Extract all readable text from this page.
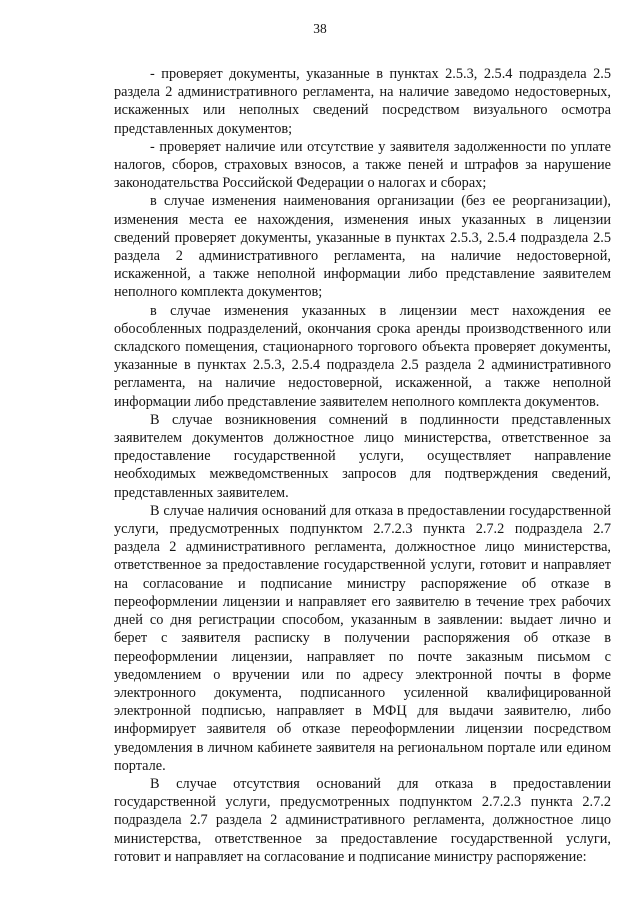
38

- проверяет документы, указанные в пунктах 2.5.3, 2.5.4 подраздела 2.5 раздела 2 административного регламента, на наличие заведомо недостоверных, искаженных или неполных сведений посредством визуального осмотра представленных документов;

- проверяет наличие или отсутствие у заявителя задолженности по уплате налогов, сборов, страховых взносов, а также пеней и штрафов за нарушение законодательства Российской Федерации о налогах и сборах;

в случае изменения наименования организации (без ее реорганизации), изменения места ее нахождения, изменения иных указанных в лицензии сведений проверяет документы, указанные в пунктах 2.5.3, 2.5.4 подраздела 2.5 раздела 2 административного регламента, на наличие недостоверной, искаженной, а также неполной информации либо представление заявителем неполного комплекта документов;

в случае изменения указанных в лицензии мест нахождения ее обособленных подразделений, окончания срока аренды производственного или складского помещения, стационарного торгового объекта проверяет документы, указанные в пунктах 2.5.3, 2.5.4 подраздела 2.5 раздела 2 административного регламента, на наличие недостоверной, искаженной, а также неполной информации либо представление заявителем неполного комплекта документов.

В случае возникновения сомнений в подлинности представленных заявителем документов должностное лицо министерства, ответственное за предоставление государственной услуги, осуществляет направление необходимых межведомственных запросов для подтверждения сведений, представленных заявителем.

В случае наличия оснований для отказа в предоставлении государственной услуги, предусмотренных подпунктом 2.7.2.3 пункта 2.7.2 подраздела 2.7 раздела 2 административного регламента, должностное лицо министерства, ответственное за предоставление государственной услуги, готовит и направляет на согласование и подписание министру распоряжение об отказе в переоформлении лицензии и направляет его заявителю в течение трех рабочих дней со дня регистрации способом, указанным в заявлении: выдает лично и берет с заявителя расписку в получении распоряжения об отказе в переоформлении лицензии, направляет по почте заказным письмом с уведомлением о вручении или по адресу электронной почты в форме электронного документа, подписанного усиленной квалифицированной электронной подписью, направляет в МФЦ для выдачи заявителю, либо информирует заявителя об отказе переоформлении лицензии посредством уведомления в личном кабинете заявителя на региональном портале или едином портале.

В случае отсутствия оснований для отказа в предоставлении государственной услуги, предусмотренных подпунктом 2.7.2.3 пункта 2.7.2 подраздела 2.7 раздела 2 административного регламента, должностное лицо министерства, ответственное за предоставление государственной услуги, готовит и направляет на согласование и подписание министру распоряжение:
